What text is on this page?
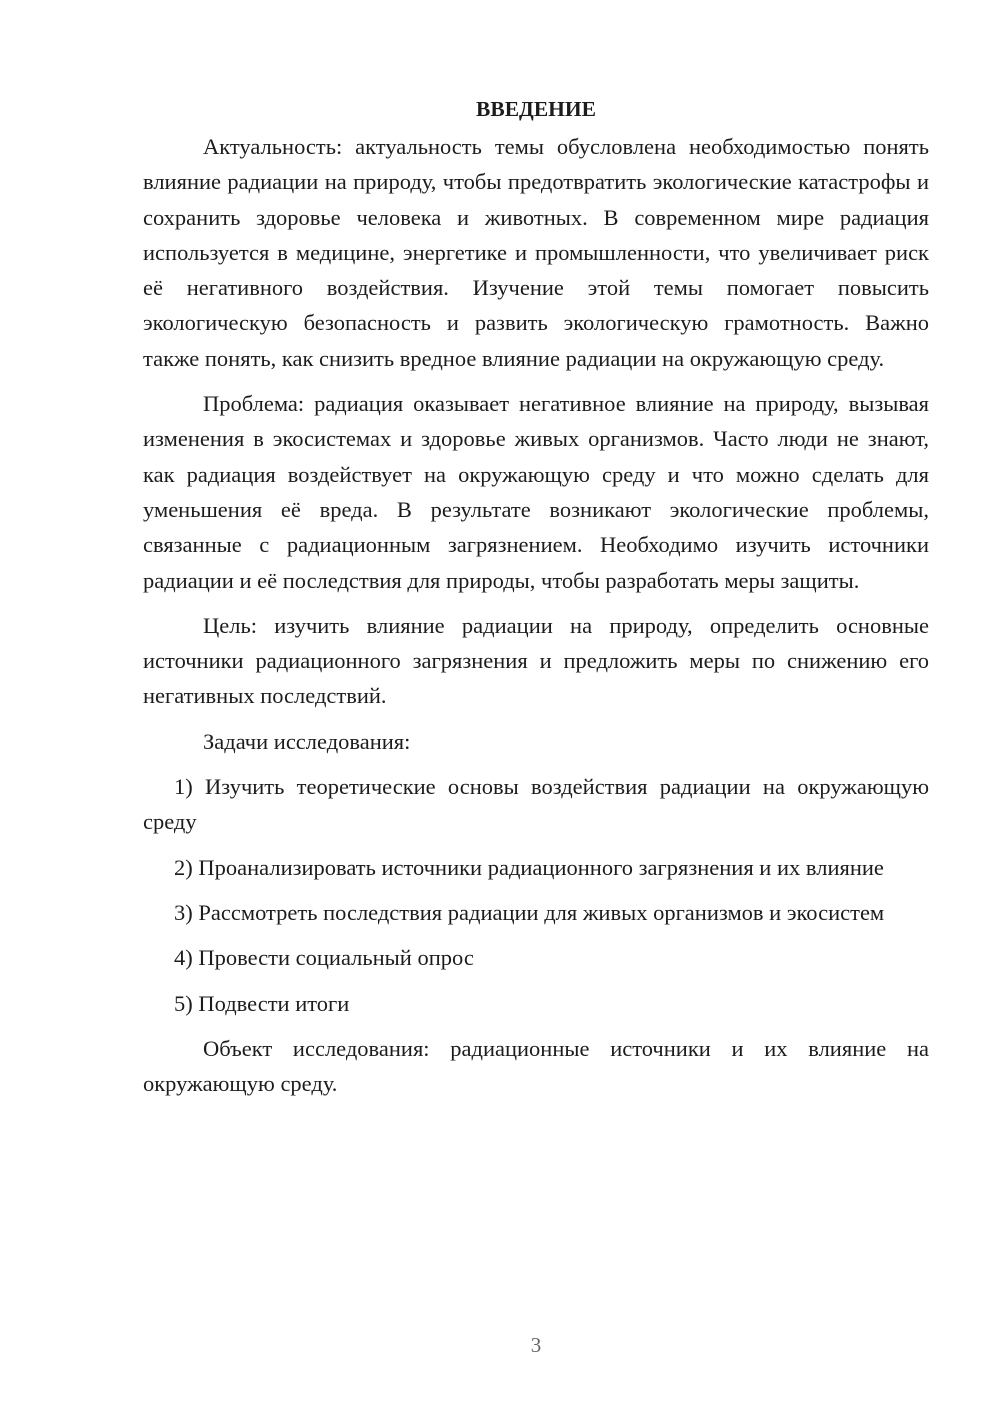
ВВЕДЕНИЕ

Актуальность: актуальность темы обусловлена необходимостью понять влияние радиации на природу, чтобы предотвратить экологические катастрофы и сохранить здоровье человека и животных. В современном мире радиация используется в медицине, энергетике и промышленности, что увеличивает риск её негативного воздействия. Изучение этой темы помогает повысить экологическую безопасность и развить экологическую грамотность. Важно также понять, как снизить вредное влияние радиации на окружающую среду.

Проблема: радиация оказывает негативное влияние на природу, вызывая изменения в экосистемах и здоровье живых организмов. Часто люди не знают, как радиация воздействует на окружающую среду и что можно сделать для уменьшения её вреда. В результате возникают экологические проблемы, связанные с радиационным загрязнением. Необходимо изучить источники радиации и её последствия для природы, чтобы разработать меры защиты.

Цель: изучить влияние радиации на природу, определить основные источники радиационного загрязнения и предложить меры по снижению его негативных последствий.

Задачи исследования:

1) Изучить теоретические основы воздействия радиации на окружающую среду

2) Проанализировать источники радиационного загрязнения и их влияние

3) Рассмотреть последствия радиации для живых организмов и экосистем

4) Провести социальный опрос

5) Подвести итоги

Объект исследования: радиационные источники и их влияние на окружающую среду.

3
